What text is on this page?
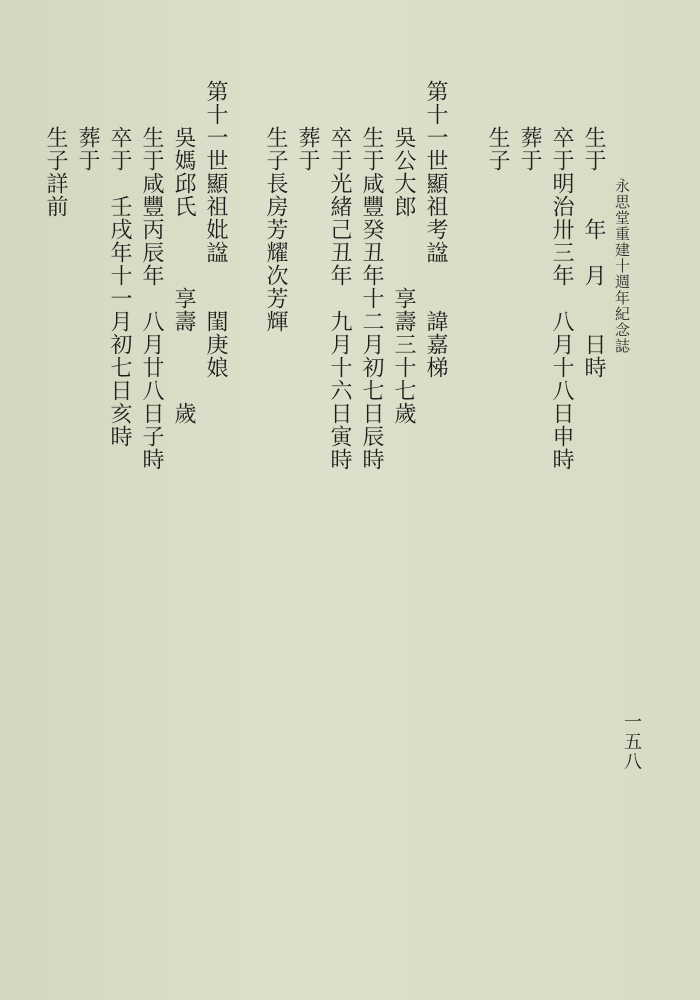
永思堂重建十週年紀念誌
生于　　年　月　　日時
卒于明治卅三年　八月十八日申時
葬于
生子
第十一世顯祖考諡　　諱嘉梯
吳公大郎　　　享壽三十七歲
生于咸豐癸丑年十二月初七日辰時
卒于光緒己丑年　九月十六日寅時
葬于
生子長房芳耀次芳輝
第十一世顯祖妣諡　　閨庚娘
吳媽邱氏　　　享壽　　　歲
生于咸豐丙辰年　八月廿八日子時
卒于　壬戌年十一月初七日亥時
葬于
生子詳前
一五八
